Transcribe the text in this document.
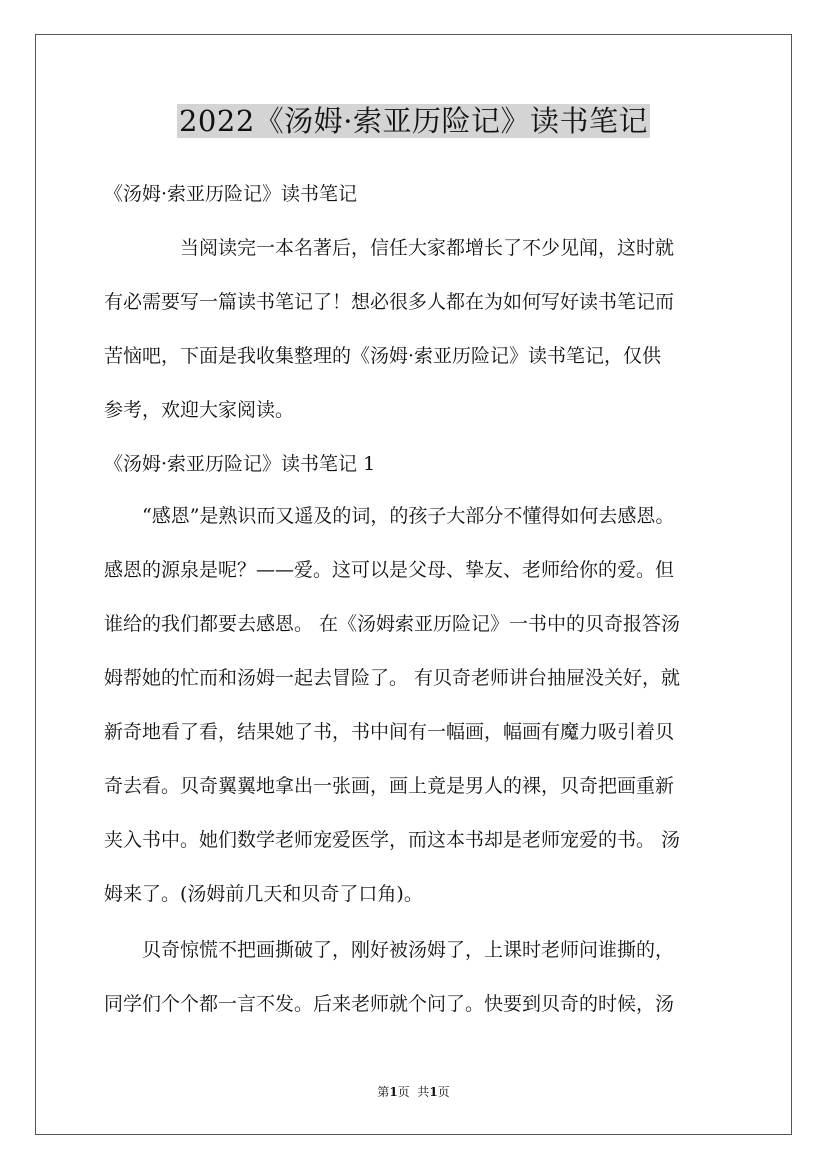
2022《汤姆·索亚历险记》读书笔记
《汤姆·索亚历险记》读书笔记
当阅读完一本名著后，信任大家都增长了不少见闻，这时就
有必需要写一篇读书笔记了！想必很多人都在为如何写好读书笔记而
苦恼吧，下面是我收集整理的《汤姆·索亚历险记》读书笔记，仅供
参考，欢迎大家阅读。
《汤姆·索亚历险记》读书笔记 1
“感恩”是熟识而又遥及的词，的孩子大部分不懂得如何去感恩。
感恩的源泉是呢？——爱。这可以是父母、挚友、老师给你的爱。但
谁给的我们都要去感恩。 在《汤姆索亚历险记》一书中的贝奇报答汤
姆帮她的忙而和汤姆一起去冒险了。 有贝奇老师讲台抽屉没关好，就
新奇地看了看，结果她了书，书中间有一幅画，幅画有魔力吸引着贝
奇去看。贝奇翼翼地拿出一张画，画上竟是男人的裸，贝奇把画重新
夹入书中。她们数学老师宠爱医学，而这本书却是老师宠爱的书。 汤
姆来了。(汤姆前几天和贝奇了口角)。
贝奇惊慌不把画撕破了，刚好被汤姆了，上课时老师问谁撕的，
同学们个个都一言不发。后来老师就个问了。快要到贝奇的时候，汤
第1页  共1页
